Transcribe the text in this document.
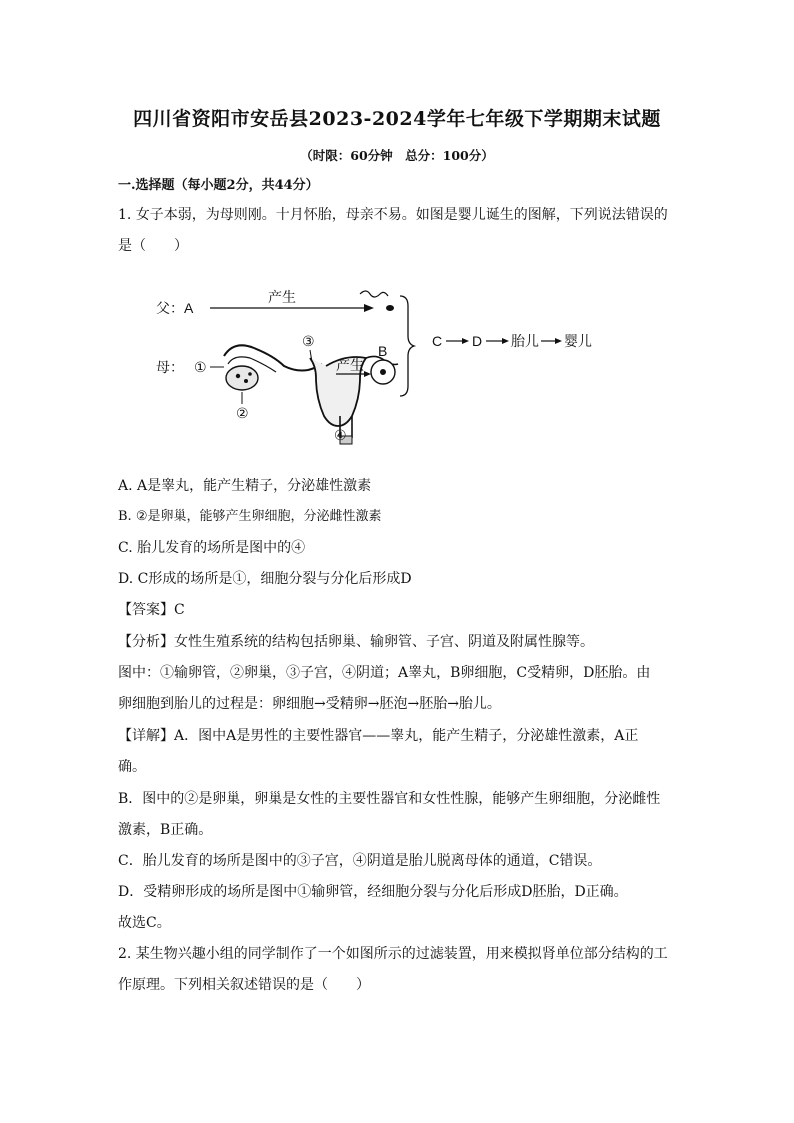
四川省资阳市安岳县2023-2024学年七年级下学期期末试题
（时限：60分钟　总分：100分）
一.选择题（每小题2分，共44分）
1. 女子本弱，为母则刚。十月怀胎，母亲不易。如图是婴儿诞生的图解，下列说法错误的
是（　　）
父：A
产生
C D 胎儿 婴儿
母： ①
③
②
④
产生
B
A. A是睾丸，能产生精子，分泌雄性激素
B. ②是卵巢，能够产生卵细胞，分泌雌性激素
C. 胎儿发育的场所是图中的④
D. C形成的场所是①，细胞分裂与分化后形成D
【答案】C
【分析】女性生殖系统的结构包括卵巢、输卵管、子宫、阴道及附属性腺等。
图中：①输卵管，②卵巢，③子宫，④阴道；A睾丸，B卵细胞，C受精卵，D胚胎。由
卵细胞到胎儿的过程是：卵细胞→受精卵→胚泡→胚胎→胎儿。
【详解】A．图中A是男性的主要性器官——睾丸，能产生精子，分泌雄性激素，A正
确。
B．图中的②是卵巢，卵巢是女性的主要性器官和女性性腺，能够产生卵细胞，分泌雌性
激素，B正确。
C．胎儿发育的场所是图中的③子宫，④阴道是胎儿脱离母体的通道，C错误。
D．受精卵形成的场所是图中①输卵管，经细胞分裂与分化后形成D胚胎，D正确。
故选C。
2. 某生物兴趣小组的同学制作了一个如图所示的过滤装置，用来模拟肾单位部分结构的工
作原理。下列相关叙述错误的是（　　）
